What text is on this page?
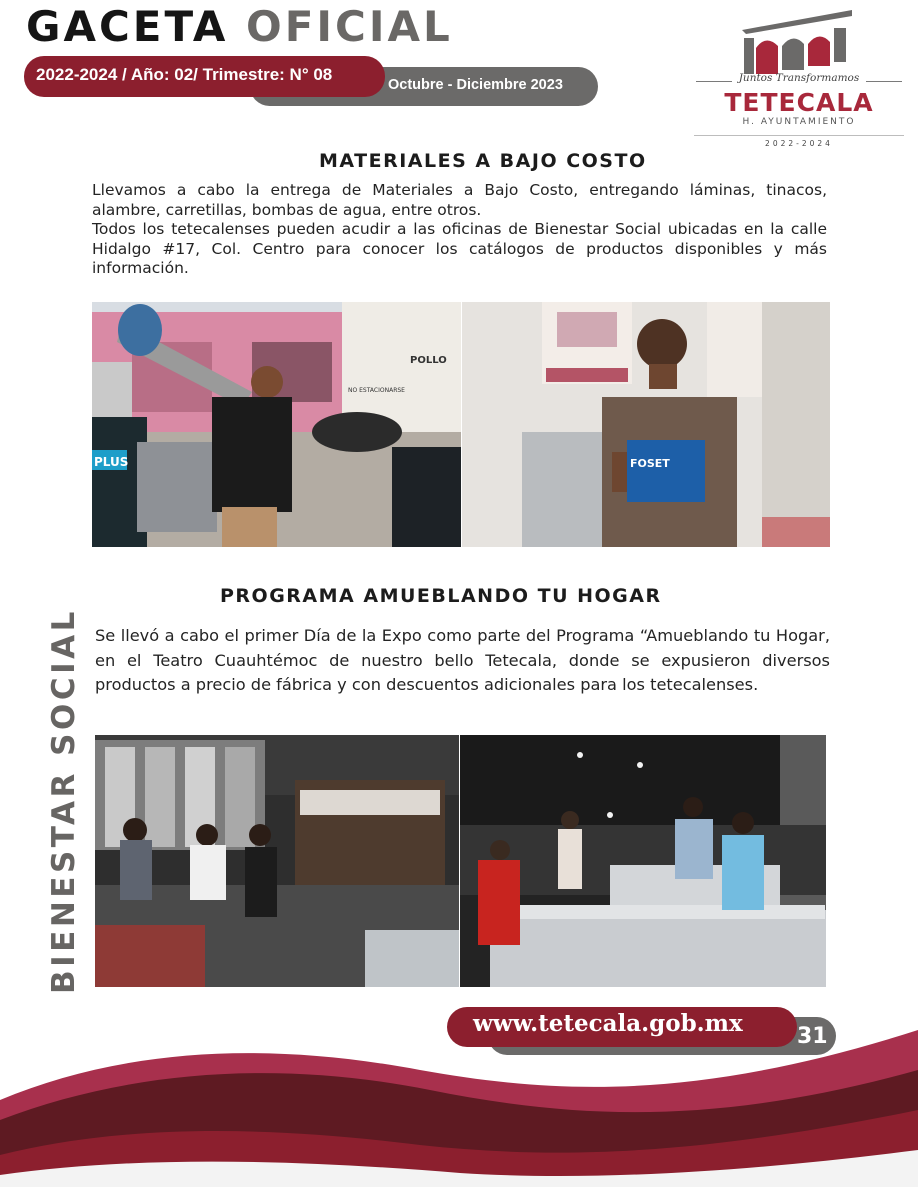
GACETA OFICIAL
Octubre - Diciembre 2023
2022-2024 / Año: 02/ Trimestre: N° 08	Juntos Transformamos
TETECALA
H. AYUNTAMIENTO
2022-2024
MATERIALES A BAJO COSTO

Llevamos a cabo la entrega de Materiales a Bajo Costo, entregando láminas, tinacos, alambre, carretillas, bombas de agua, entre otros.

Todos los tetecalenses pueden acudir a las oficinas de Bienestar Social ubicadas en la calle Hidalgo #17, Col. Centro para conocer los catálogos de productos disponibles y más información.

POLLO
NO ESTACIONARSE
PLUS	FOSET
PROGRAMA AMUEBLANDO TU HOGAR

Se llevó a cabo el primer Día de la Expo como parte del Programa “Amueblando tu Hogar, en el Teatro Cuauhtémoc de nuestro bello Tetecala, donde se expusieron diversos productos a precio de fábrica y con descuentos adicionales para los tetecalenses.

BIENESTAR SOCIAL
www.tetecala.gob.mx 31
